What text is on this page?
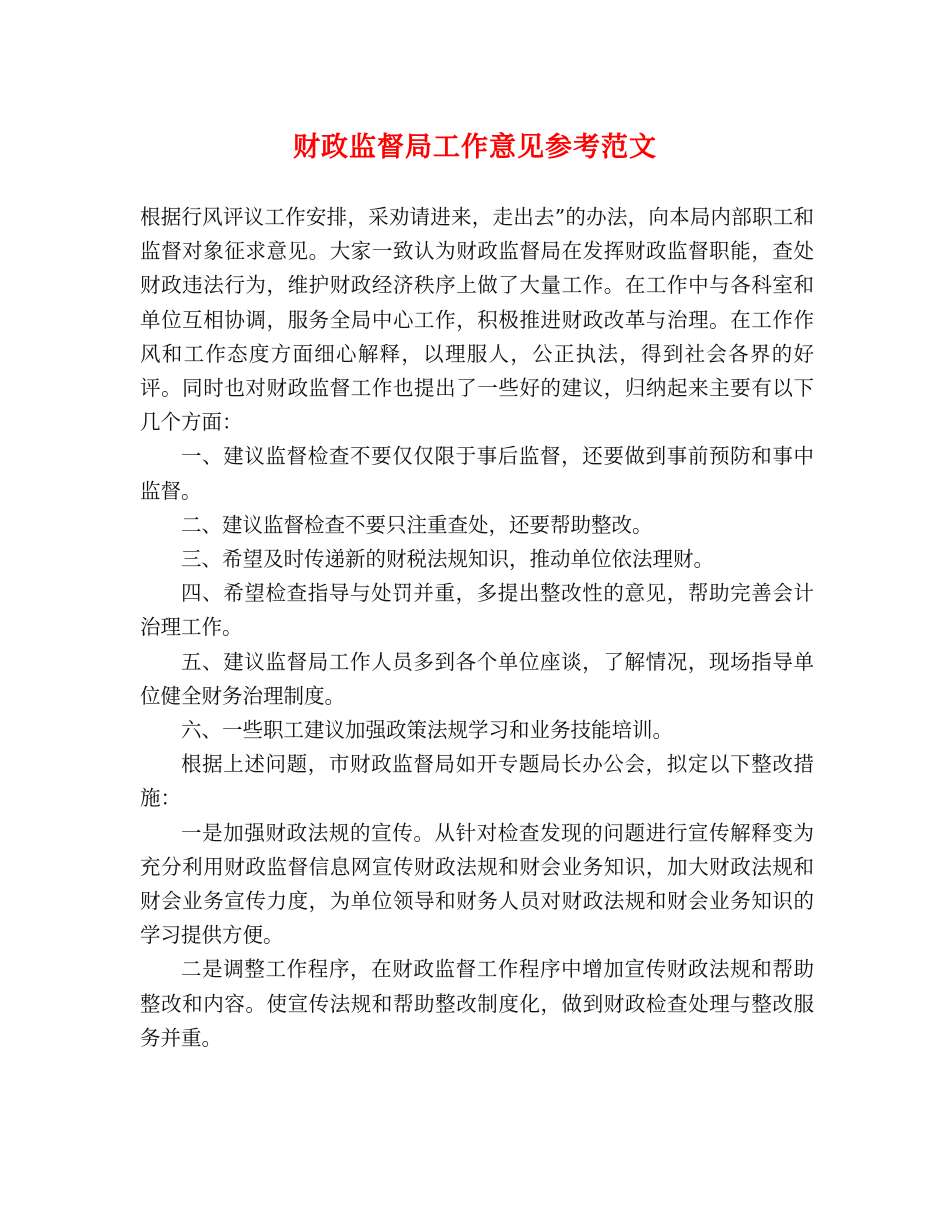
财政监督局工作意见参考范文

根据行风评议工作安排，采劝请进来，走出去”的办法，向本局内部职工和监督对象征求意见。大家一致认为财政监督局在发挥财政监督职能，查处财政违法行为，维护财政经济秩序上做了大量工作。在工作中与各科室和单位互相协调，服务全局中心工作，积极推进财政改革与治理。在工作作风和工作态度方面细心解释，以理服人，公正执法，得到社会各界的好评。同时也对财政监督工作也提出了一些好的建议，归纳起来主要有以下几个方面：

一、建议监督检查不要仅仅限于事后监督，还要做到事前预防和事中监督。

二、建议监督检查不要只注重查处，还要帮助整改。

三、希望及时传递新的财税法规知识，推动单位依法理财。

四、希望检查指导与处罚并重，多提出整改性的意见，帮助完善会计治理工作。

五、建议监督局工作人员多到各个单位座谈，了解情况，现场指导单位健全财务治理制度。

六、一些职工建议加强政策法规学习和业务技能培训。

根据上述问题，市财政监督局如开专题局长办公会，拟定以下整改措施：

一是加强财政法规的宣传。从针对检查发现的问题进行宣传解释变为充分利用财政监督信息网宣传财政法规和财会业务知识，加大财政法规和财会业务宣传力度，为单位领导和财务人员对财政法规和财会业务知识的学习提供方便。

二是调整工作程序，在财政监督工作程序中增加宣传财政法规和帮助整改和内容。使宣传法规和帮助整改制度化，做到财政检查处理与整改服务并重。
